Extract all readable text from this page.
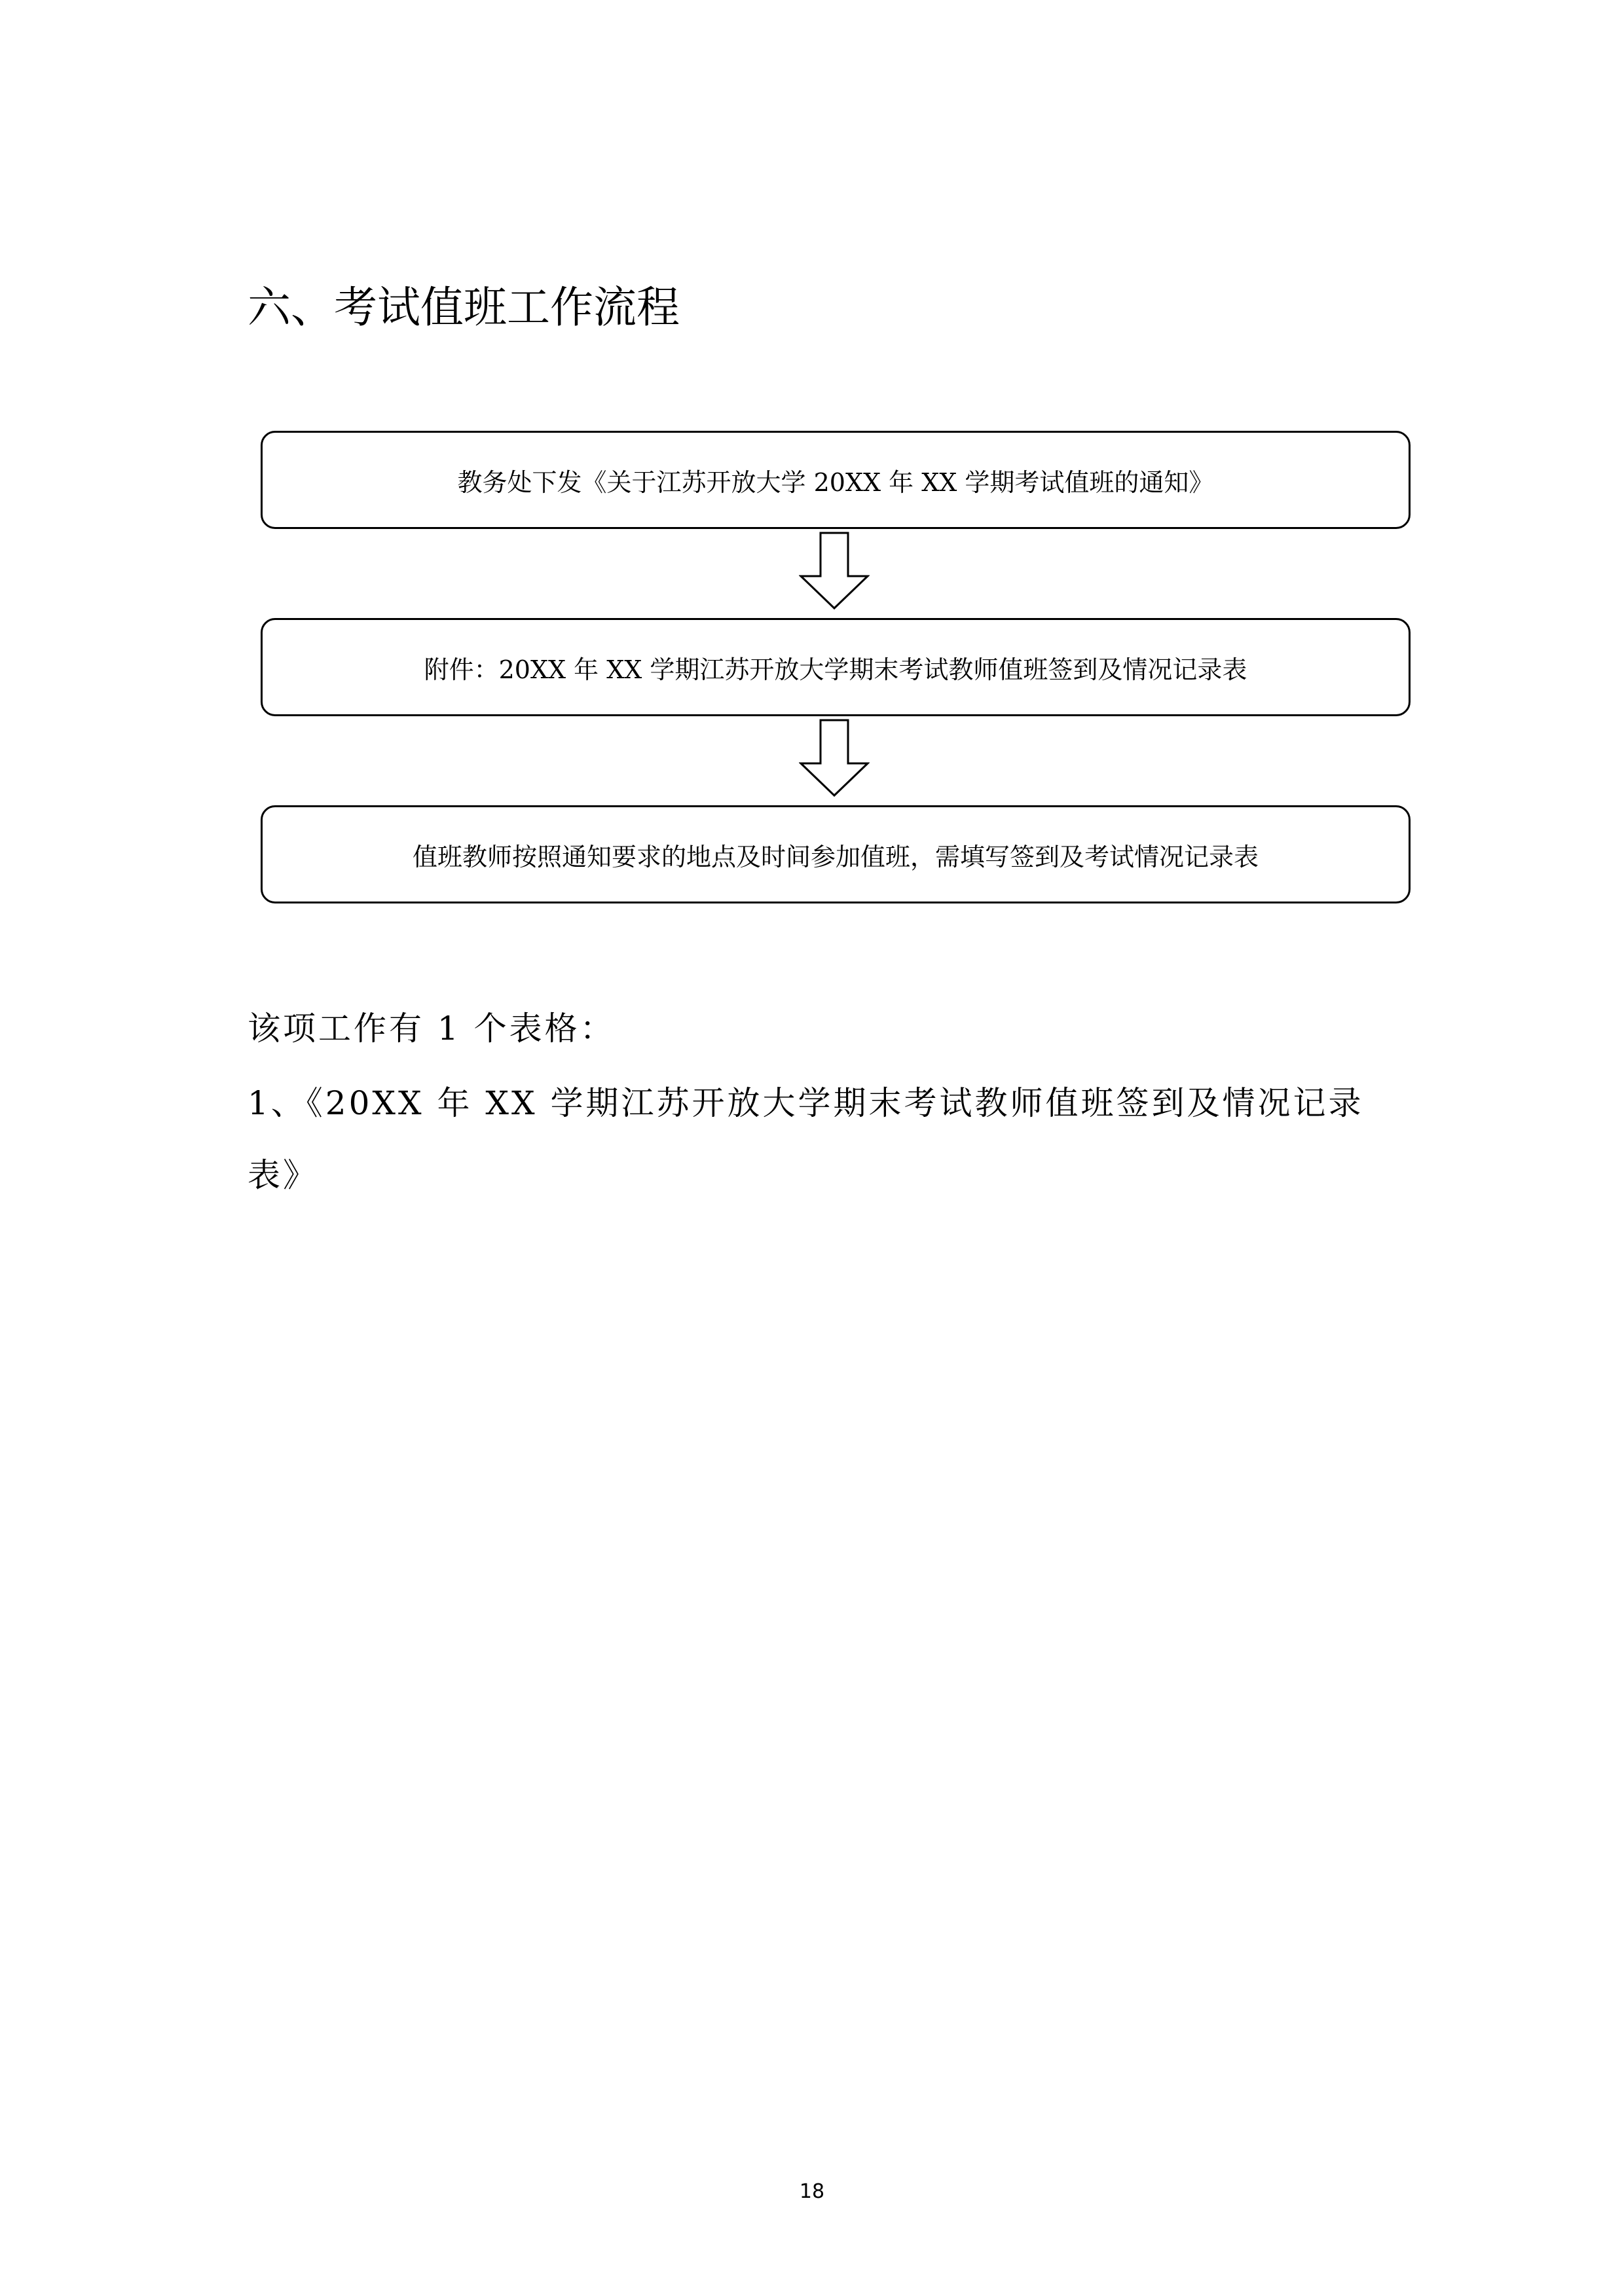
六、考试值班工作流程
教务处下发《关于江苏开放大学 20XX 年 XX 学期考试值班的通知》
附件：20XX 年 XX 学期江苏开放大学期末考试教师值班签到及情况记录表
值班教师按照通知要求的地点及时间参加值班，需填写签到及考试情况记录表
该项工作有 1 个表格：
1、《20XX 年 XX 学期江苏开放大学期末考试教师值班签到及情况记录
表》
18
